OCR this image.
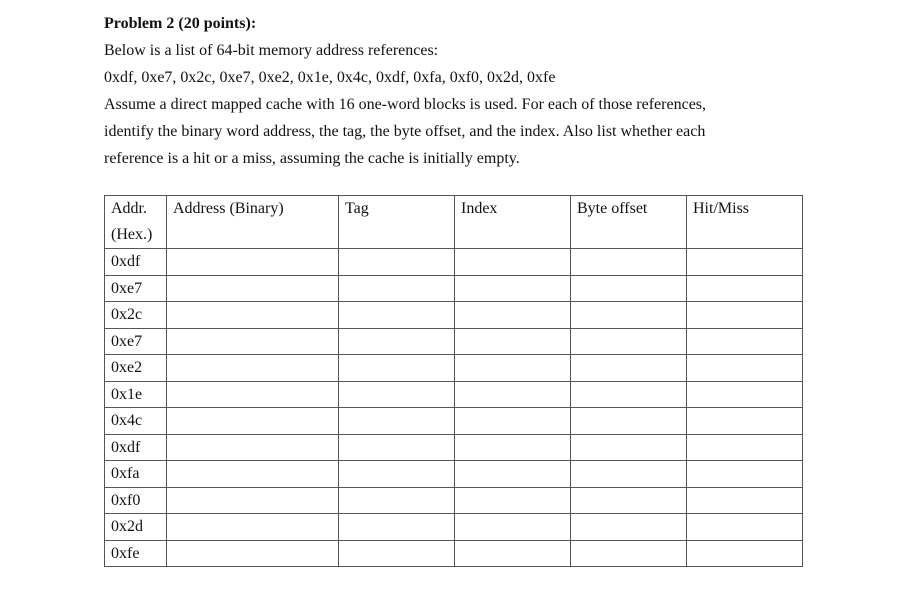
Problem 2 (20 points):

Below is a list of 64-bit memory address references:

0xdf, 0xe7, 0x2c, 0xe7, 0xe2, 0x1e, 0x4c, 0xdf, 0xfa, 0xf0, 0x2d, 0xfe

Assume a direct mapped cache with 16 one-word blocks is used. For each of those references,

identify the binary word address, the tag, the byte offset, and the index. Also list whether each

reference is a hit or a miss, assuming the cache is initially empty.

Addr. (Hex.)	Address (Binary)	Tag	Index	Byte offset	Hit/Miss
0xdf					
0xe7					
0x2c					
0xe7					
0xe2					
0x1e					
0x4c					
0xdf					
0xfa					
0xf0					
0x2d					
0xfe					
